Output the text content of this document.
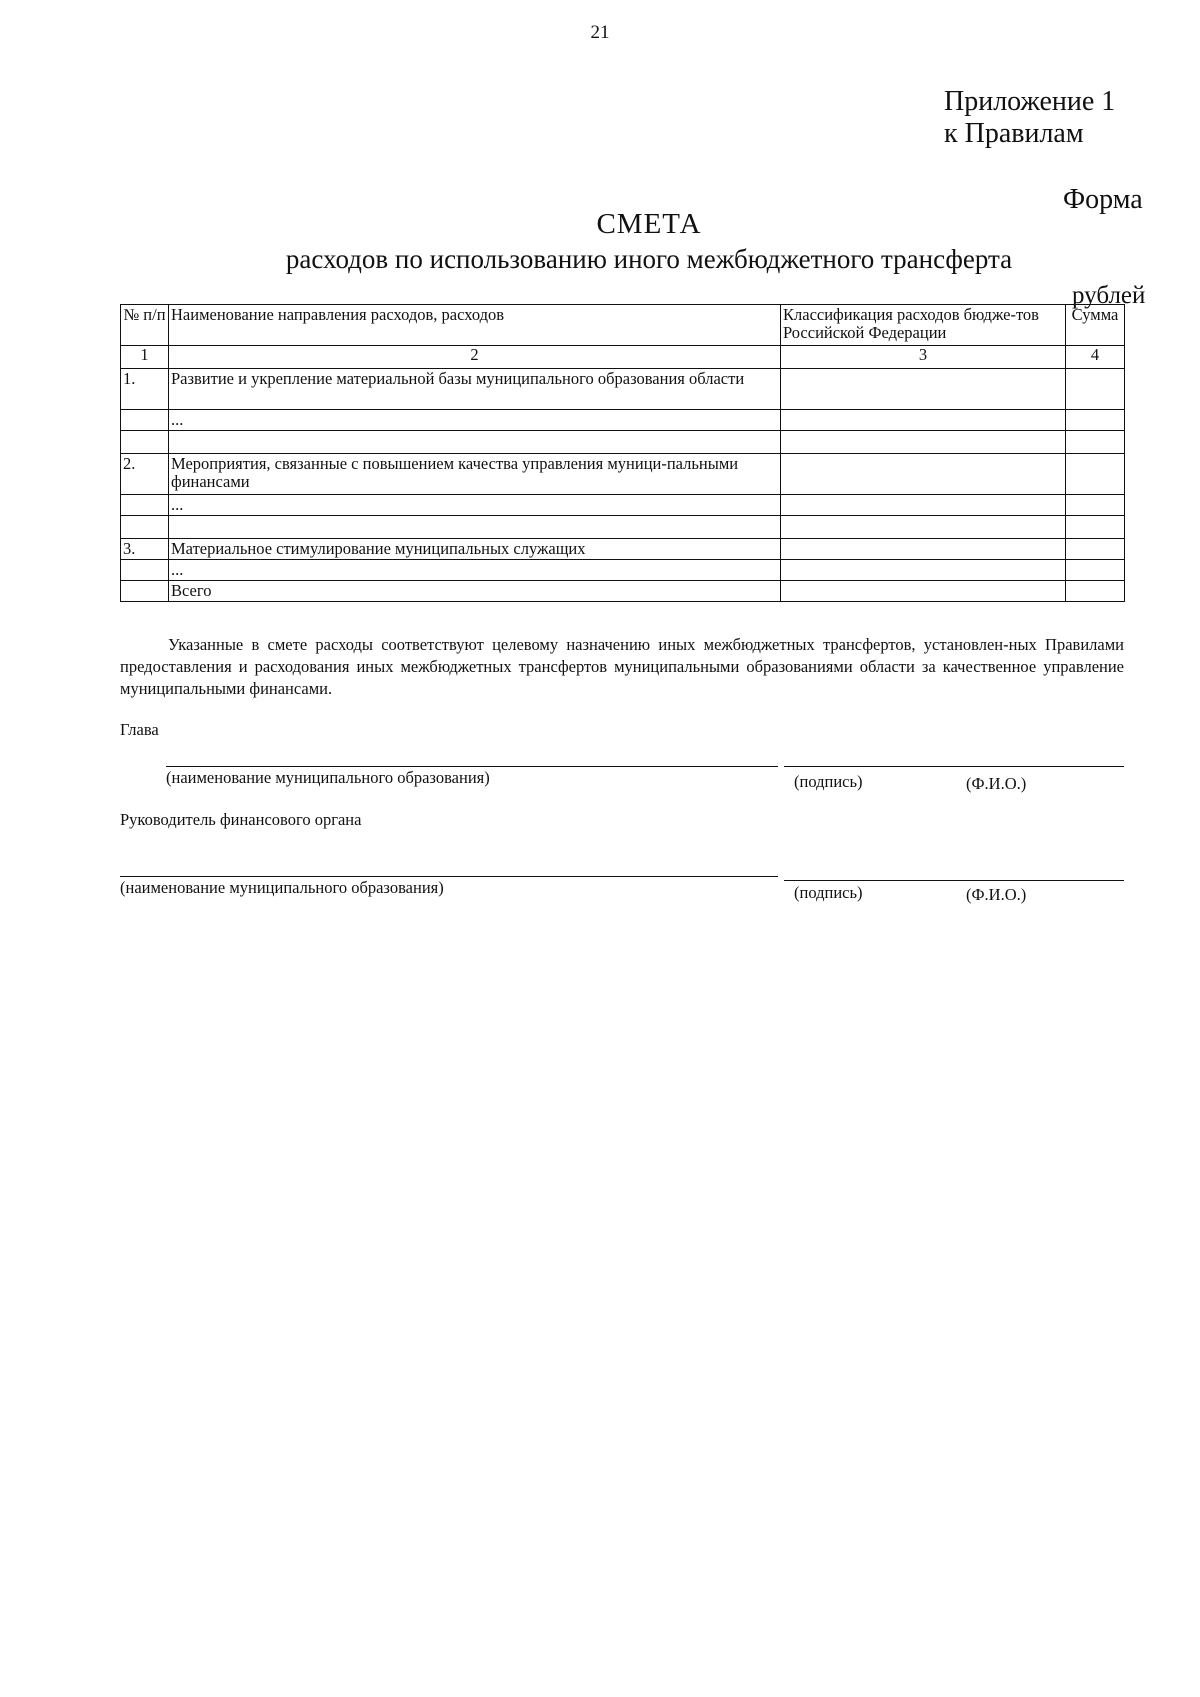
21
Приложение 1
к Правилам
Форма
СМЕТА
расходов по использованию иного межбюджетного трансферта
рублей
№ п/п	Наименование направления расходов, расходов	Классификация расходов бюдже-тов Российской Федерации	Сумма
1	2	3	4
1.	Развитие и укрепление материальной базы муниципального образования области		
	...		

2.	Мероприятия, связанные с повышением качества управления муници-пальными финансами		
	...		

3.	Материальное стимулирование муниципальных служащих		
	...		
	Всего		
Указанные в смете расходы соответствуют целевому назначению иных межбюджетных трансфертов, установлен-ных Правилами предоставления и расходования иных межбюджетных трансфертов муниципальными образованиями области за качественное управление муниципальными финансами.
Глава
(наименование муниципального образования)	(подпись)	(Ф.И.О.)
Руководитель финансового органа
(наименование муниципального образования)	(подпись)	(Ф.И.О.)
